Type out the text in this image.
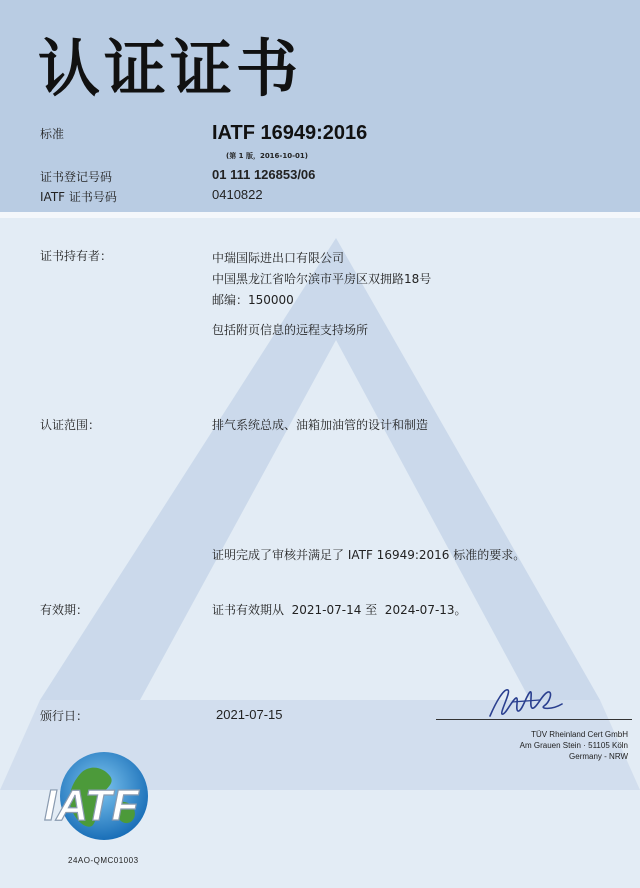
认证证书
标准	IATF 16949:2016
(第 1 版，2016-10-01)
证书登记号码	01 111 126853/06
IATF 证书号码	0410822
证书持有者：	中瑞国际进出口有限公司
中国黑龙江省哈尔滨市平房区双拥路18号
邮编：150000
包括附页信息的远程支持场所
认证范围：	排气系统总成、油箱加油管的设计和制造
证明完成了审核并满足了 IATF 16949:2016 标准的要求。
有效期：	证书有效期从  2021-07-14 至  2024-07-13。
颁行日：	2021-07-15
TÜV Rheinland Cert GmbH
Am Grauen Stein · 51105 Köln
Germany - NRW
IATF
24AO-QMC01003
